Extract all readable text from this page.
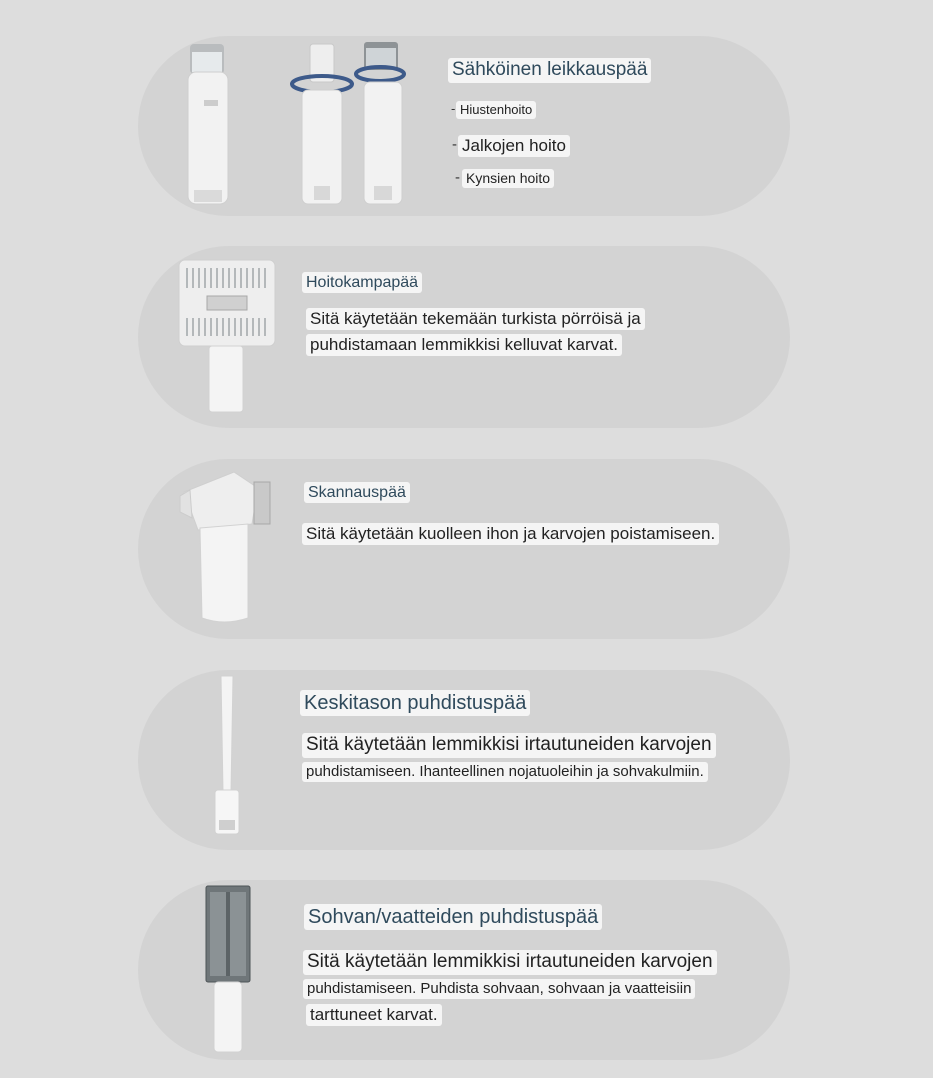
Sähköinen leikkauspää
- Hiustenhoito
- Jalkojen hoito
- Kynsien hoito
Hoitokampapää
Sitä käytetään tekemään turkista pörröisä ja
puhdistamaan lemmikkisi kelluvat karvat.
Skannauspää
Sitä käytetään kuolleen ihon ja karvojen poistamiseen.
Keskitason puhdistuspää
Sitä käytetään lemmikkisi irtautuneiden karvojen
puhdistamiseen. Ihanteellinen nojatuoleihin ja sohvakulmiin.
Sohvan/vaatteiden puhdistuspää
Sitä käytetään lemmikkisi irtautuneiden karvojen
puhdistamiseen. Puhdista sohvaan, sohvaan ja vaatteisiin
tarttuneet karvat.
